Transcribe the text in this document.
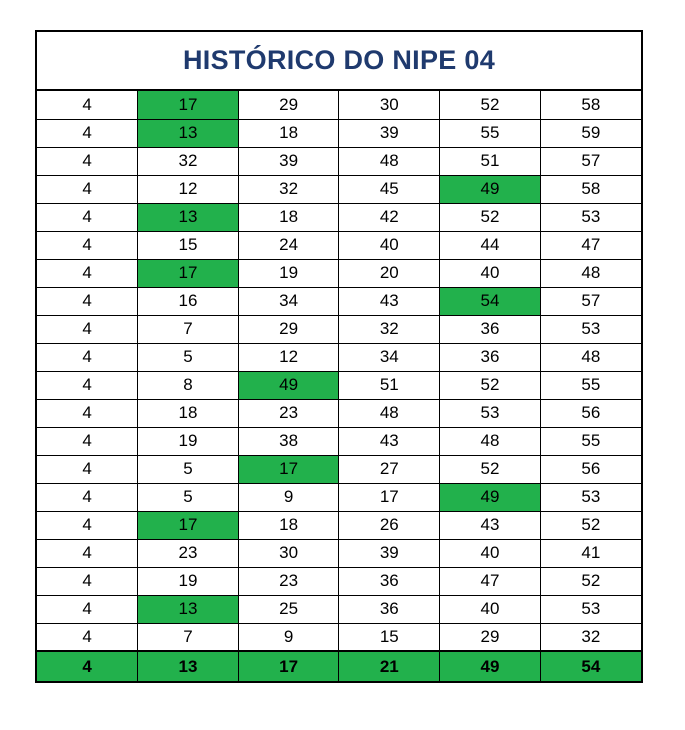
HISTÓRICO DO NIPE 04
4	17	29	30	52	58
4	13	18	39	55	59
4	32	39	48	51	57
4	12	32	45	49	58
4	13	18	42	52	53
4	15	24	40	44	47
4	17	19	20	40	48
4	16	34	43	54	57
4	7	29	32	36	53
4	5	12	34	36	48
4	8	49	51	52	55
4	18	23	48	53	56
4	19	38	43	48	55
4	5	17	27	52	56
4	5	9	17	49	53
4	17	18	26	43	52
4	23	30	39	40	41
4	19	23	36	47	52
4	13	25	36	40	53
4	7	9	15	29	32
4	13	17	21	49	54
